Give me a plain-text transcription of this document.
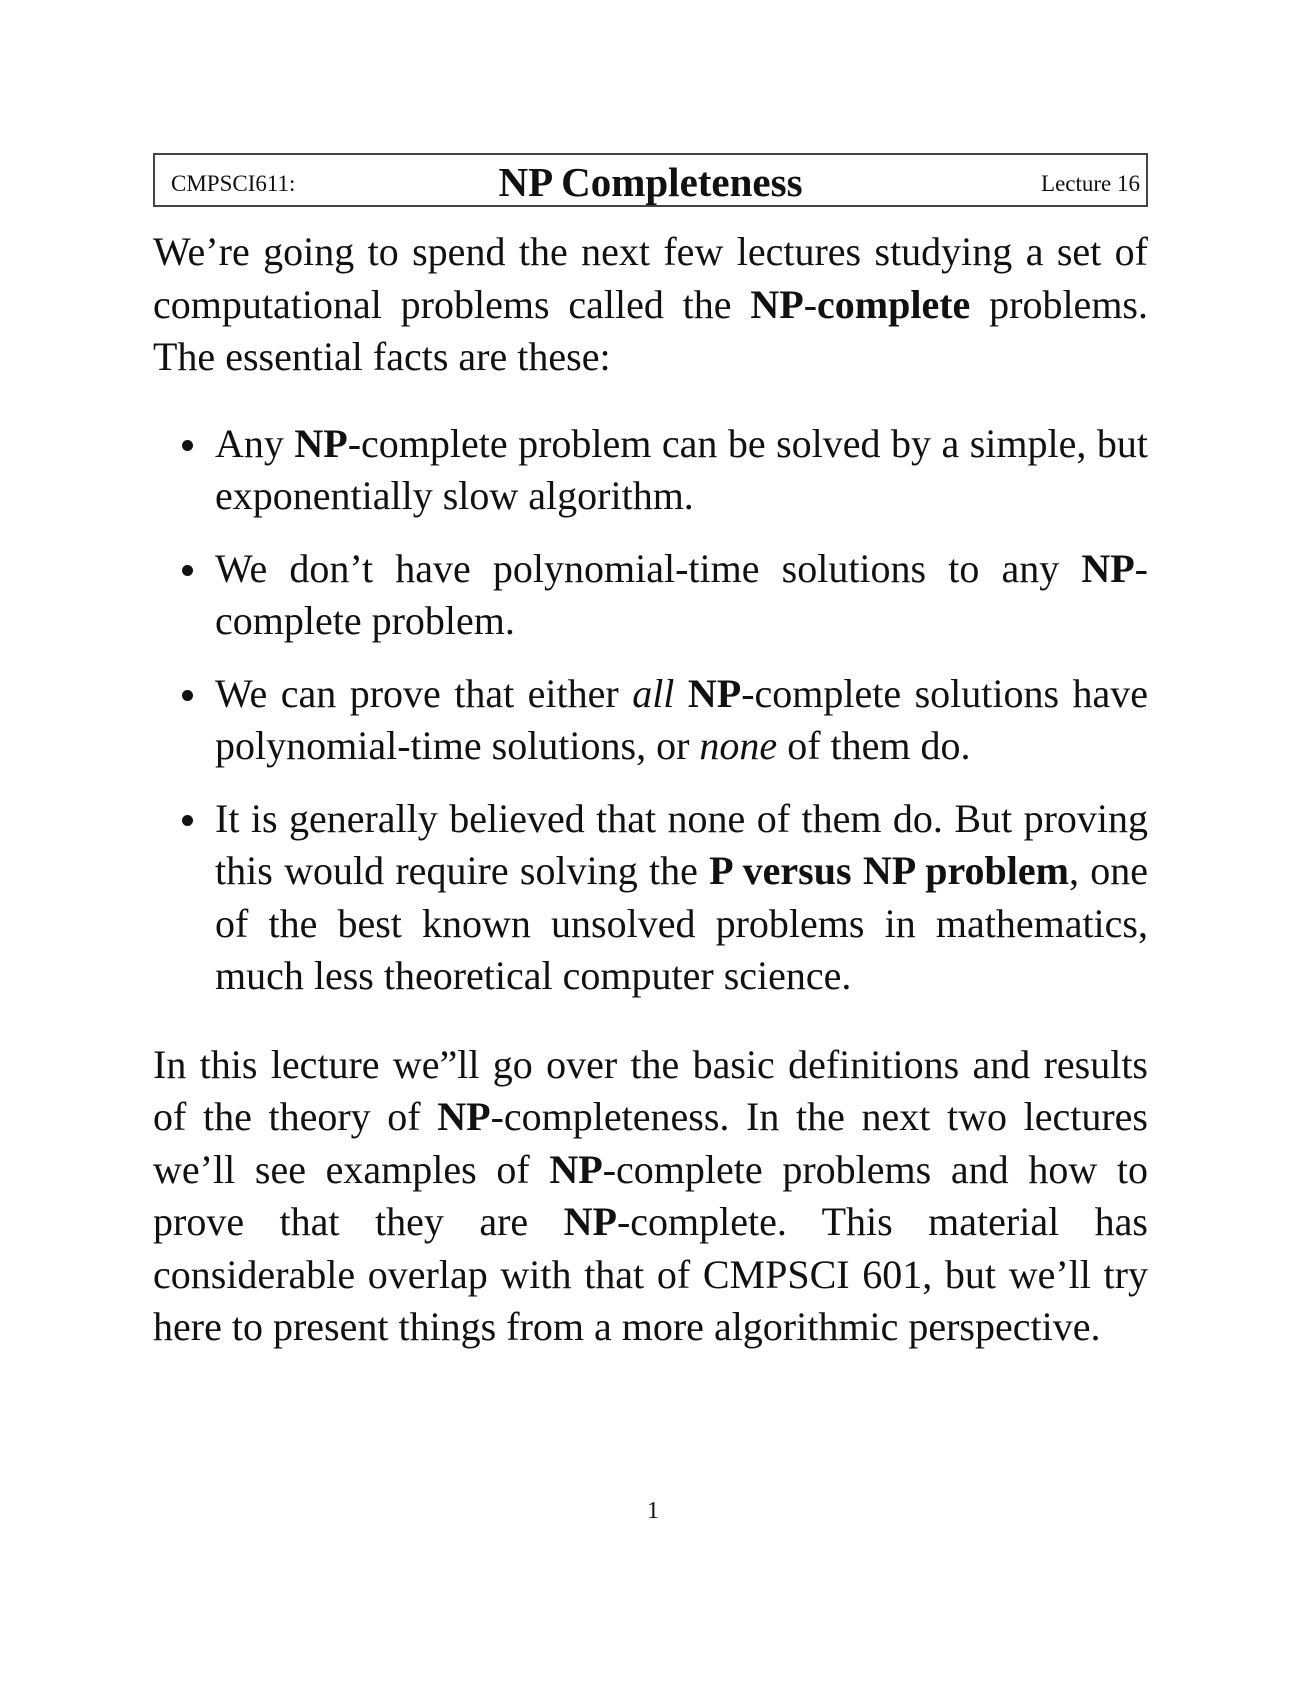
CMPSCI611:	NP Completeness	Lecture 16

We’re going to spend the next few lectures studying a set of computational problems called the NP-complete problems. The essential facts are these:

Any NP-complete problem can be solved by a simple, but exponentially slow algorithm.
We don’t have polynomial-time solutions to any NP-complete problem.
We can prove that either all NP-complete solutions have polynomial-time solutions, or none of them do.
It is generally believed that none of them do. But proving this would require solving the P versus NP problem, one of the best known unsolved problems in mathematics, much less theoretical computer science.

In this lecture we”ll go over the basic definitions and results of the theory of NP-completeness. In the next two lectures we’ll see examples of NP-complete problems and how to prove that they are NP-complete. This material has considerable overlap with that of CMPSCI 601, but we’ll try here to present things from a more algorithmic perspective.

1
